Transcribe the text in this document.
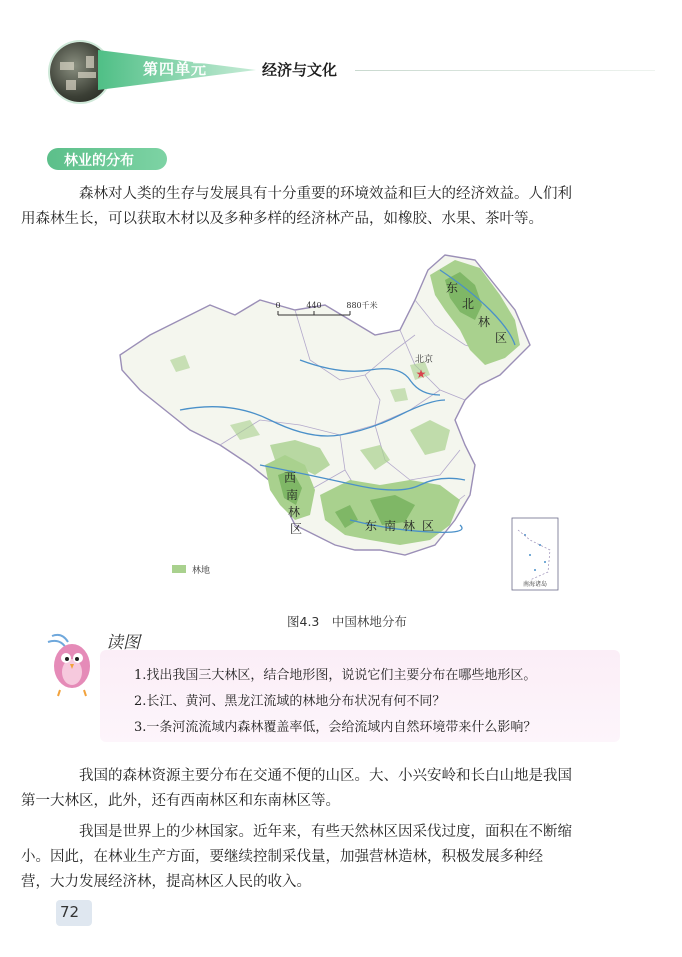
第四单元	经济与文化
林业的分布
森林对人类的生存与发展具有十分重要的环境效益和巨大的经济效益。人们利
用森林生长，可以获取木材以及多种多样的经济林产品，如橡胶、水果、茶叶等。
0	440	880千米
北京
★
东北林区
西南林区	东南林区
林地
南海诸岛
图4.3　中国林地分布
读图
1.找出我国三大林区，结合地形图，说说它们主要分布在哪些地形区。
2.长江、黄河、黑龙江流域的林地分布状况有何不同？
3.一条河流流域内森林覆盖率低，会给流域内自然环境带来什么影响？
我国的森林资源主要分布在交通不便的山区。大、小兴安岭和长白山地是我国
第一大林区，此外，还有西南林区和东南林区等。
我国是世界上的少林国家。近年来，有些天然林区因采伐过度，面积在不断缩
小。因此，在林业生产方面，要继续控制采伐量，加强营林造林，积极发展多种经
营，大力发展经济林，提高林区人民的收入。
72
